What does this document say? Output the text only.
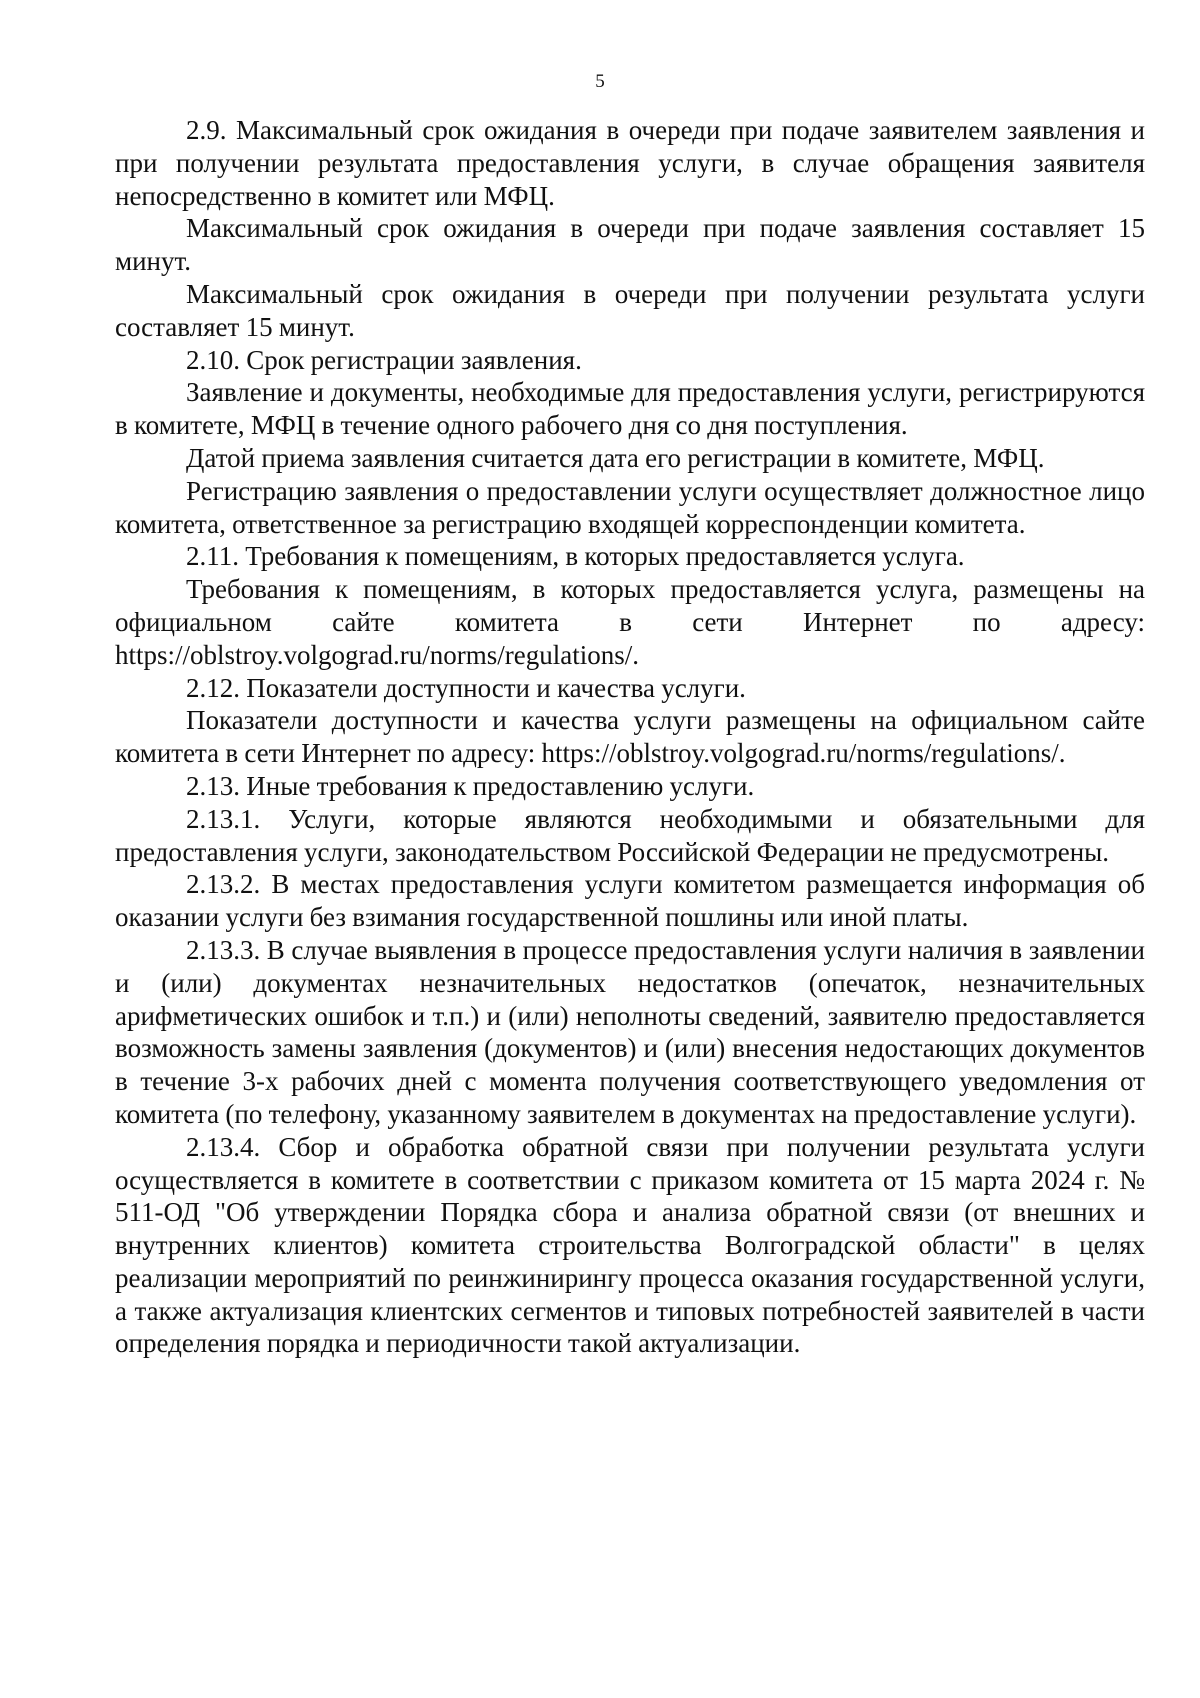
5

2.9. Максимальный срок ожидания в очереди при подаче заявителем заявления и при получении результата предоставления услуги, в случае обращения заявителя непосредственно в комитет или МФЦ.

Максимальный срок ожидания в очереди при подаче заявления составляет 15 минут.

Максимальный срок ожидания в очереди при получении результата услуги составляет 15 минут.

2.10. Срок регистрации заявления.

Заявление и документы, необходимые для предоставления услуги, регистрируются в комитете, МФЦ в течение одного рабочего дня со дня поступления.

Датой приема заявления считается дата его регистрации в комитете, МФЦ.

Регистрацию заявления о предоставлении услуги осуществляет должностное лицо комитета, ответственное за регистрацию входящей корреспонденции комитета.

2.11. Требования к помещениям, в которых предоставляется услуга.

Требования к помещениям, в которых предоставляется услуга, размещены на официальном сайте комитета в сети Интернет по адресу: https://oblstroy.volgograd.ru/norms/regulations/.

2.12. Показатели доступности и качества услуги.

Показатели доступности и качества услуги размещены на официальном сайте комитета в сети Интернет по адресу: https://oblstroy.volgograd.ru/norms/regulations/.

2.13. Иные требования к предоставлению услуги.

2.13.1. Услуги, которые являются необходимыми и обязательными для предоставления услуги, законодательством Российской Федерации не предусмотрены.

2.13.2. В местах предоставления услуги комитетом размещается информация об оказании услуги без взимания государственной пошлины или иной платы.

2.13.3. В случае выявления в процессе предоставления услуги наличия в заявлении и (или) документах незначительных недостатков (опечаток, незначительных арифметических ошибок и т.п.) и (или) неполноты сведений, заявителю предоставляется возможность замены заявления (документов) и (или) внесения недостающих документов в течение 3-х рабочих дней с момента получения соответствующего уведомления от комитета (по телефону, указанному заявителем в документах на предоставление услуги).

2.13.4. Сбор и обработка обратной связи при получении результата услуги осуществляется в комитете в соответствии с приказом комитета от 15 марта 2024 г. № 511-ОД "Об утверждении Порядка сбора и анализа обратной связи (от внешних и внутренних клиентов) комитета строительства Волгоградской области" в целях реализации мероприятий по реинжинирингу процесса оказания государственной услуги, а также актуализация клиентских сегментов и типовых потребностей заявителей в части определения порядка и периодичности такой актуализации.
